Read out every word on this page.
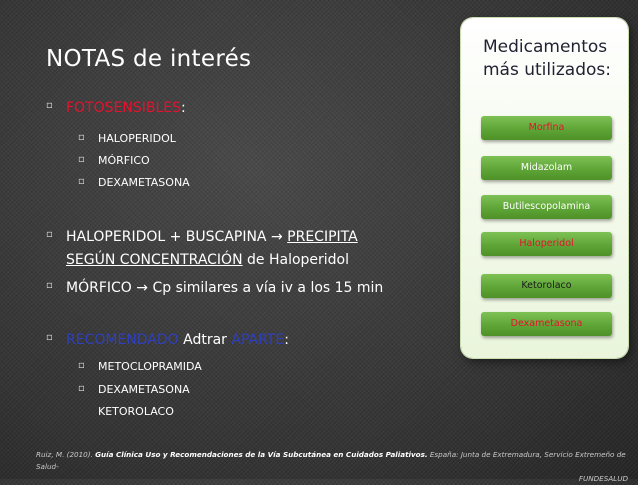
NOTAS de interés
▫ FOTOSENSIBLES:
▫ HALOPERIDOL
▫ MÓRFICO
▫ DEXAMETASONA
▫ HALOPERIDOL + BUSCAPINA → PRECIPITA
SEGÚN CONCENTRACIÓN de Haloperidol
▫ MÓRFICO → Cp similares a vía iv a los 15 min
▫ RECOMENDADO Adtrar APARTE:
▫ METOCLOPRAMIDA
▫ DEXAMETASONA
KETOROLACO
Medicamentos
más utilizados:
Morfina
Midazolam
Butilescopolamina
Haloperidol
Ketorolaco
Dexametasona
Ruiz, M. (2010). Guía Clínica Uso y Recomendaciones de la Vía Subcutánea en Cuidados Paliativos. España: Junta de Extremadura, Servicio Extremeño de Salud-
FUNDESALUD
